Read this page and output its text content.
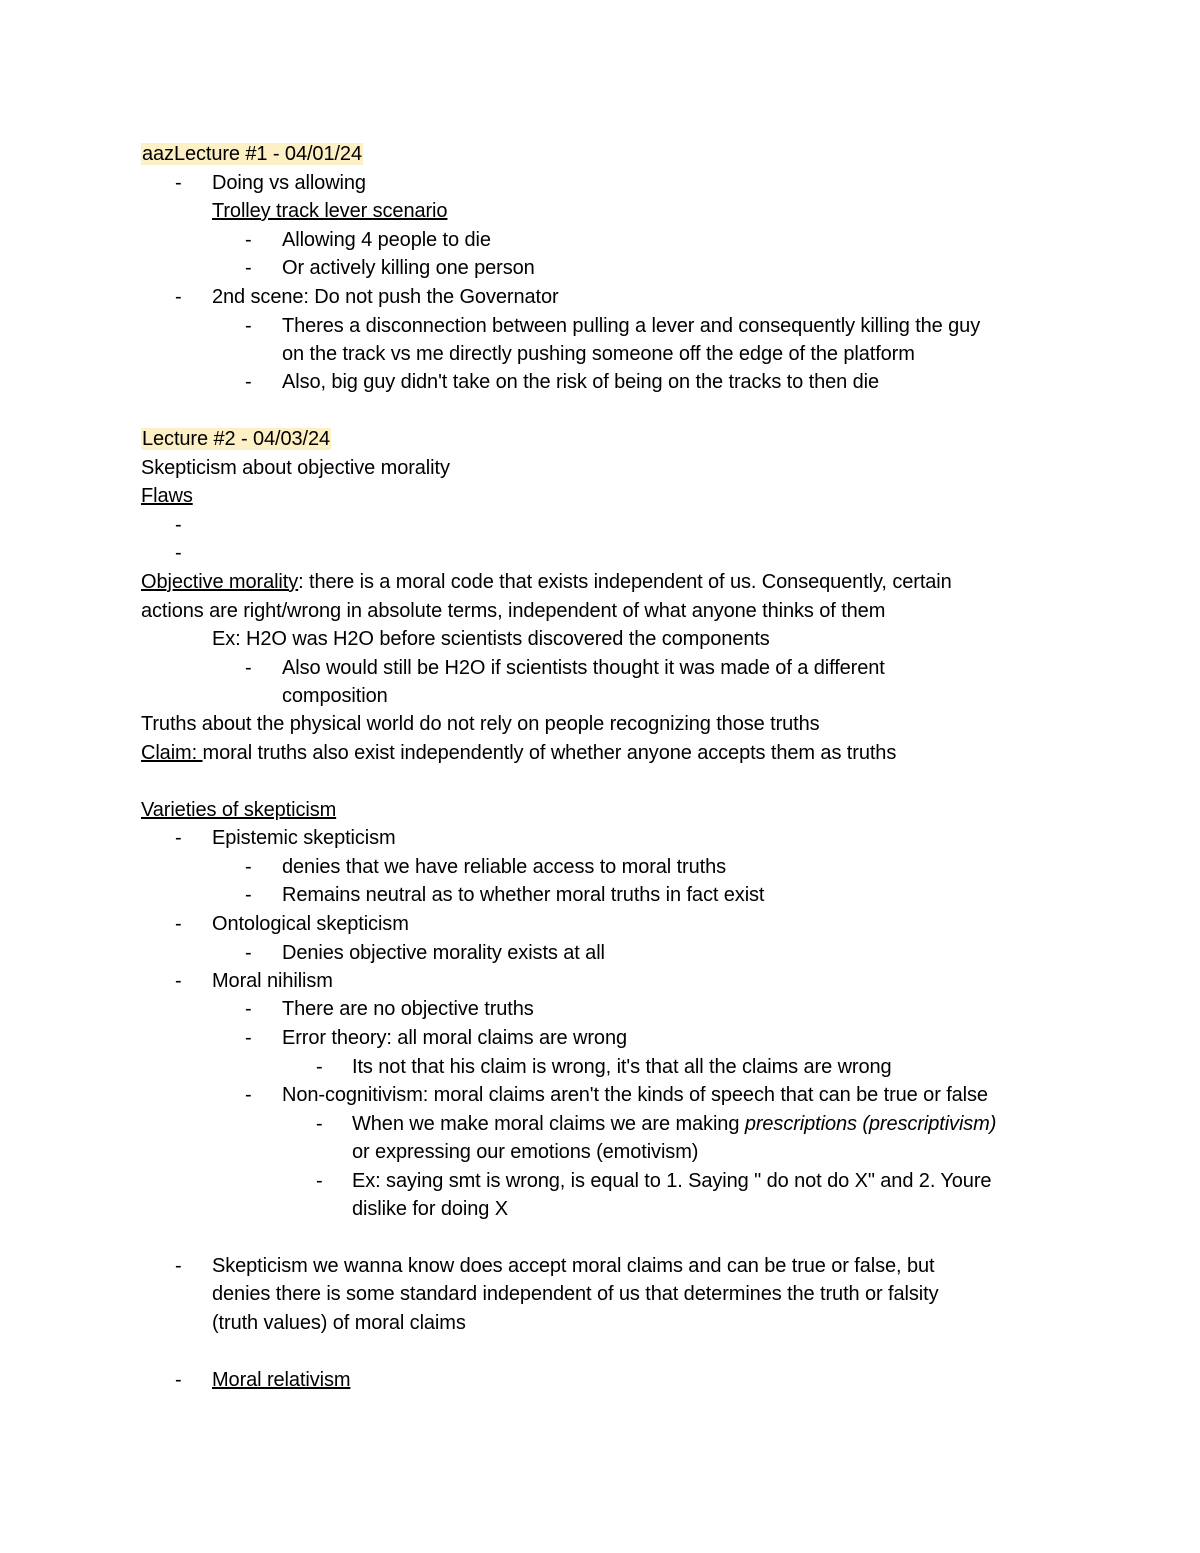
aazLecture #1 - 04/01/24
- Doing vs allowing
Trolley track lever scenario
- Allowing 4 people to die
- Or actively killing one person
- 2nd scene: Do not push the Governator
- Theres a disconnection between pulling a lever and consequently killing the guy
on the track vs me directly pushing someone off the edge of the platform
- Also, big guy didn't take on the risk of being on the tracks to then die
Lecture #2 - 04/03/24
Skepticism about objective morality
Flaws
-
-
Objective morality: there is a moral code that exists independent of us. Consequently, certain
actions are right/wrong in absolute terms, independent of what anyone thinks of them
Ex: H2O was H2O before scientists discovered the components
- Also would still be H2O if scientists thought it was made of a different
composition
Truths about the physical world do not rely on people recognizing those truths
Claim: moral truths also exist independently of whether anyone accepts them as truths
Varieties of skepticism
- Epistemic skepticism
- denies that we have reliable access to moral truths
- Remains neutral as to whether moral truths in fact exist
- Ontological skepticism
- Denies objective morality exists at all
- Moral nihilism
- There are no objective truths
- Error theory: all moral claims are wrong
- Its not that his claim is wrong, it's that all the claims are wrong
- Non-cognitivism: moral claims aren't the kinds of speech that can be true or false
- When we make moral claims we are making prescriptions (prescriptivism)
or expressing our emotions (emotivism)
- Ex: saying smt is wrong, is equal to 1. Saying " do not do X" and 2. Youre
dislike for doing X
- Skepticism we wanna know does accept moral claims and can be true or false, but
denies there is some standard independent of us that determines the truth or falsity
(truth values) of moral claims
- Moral relativism
